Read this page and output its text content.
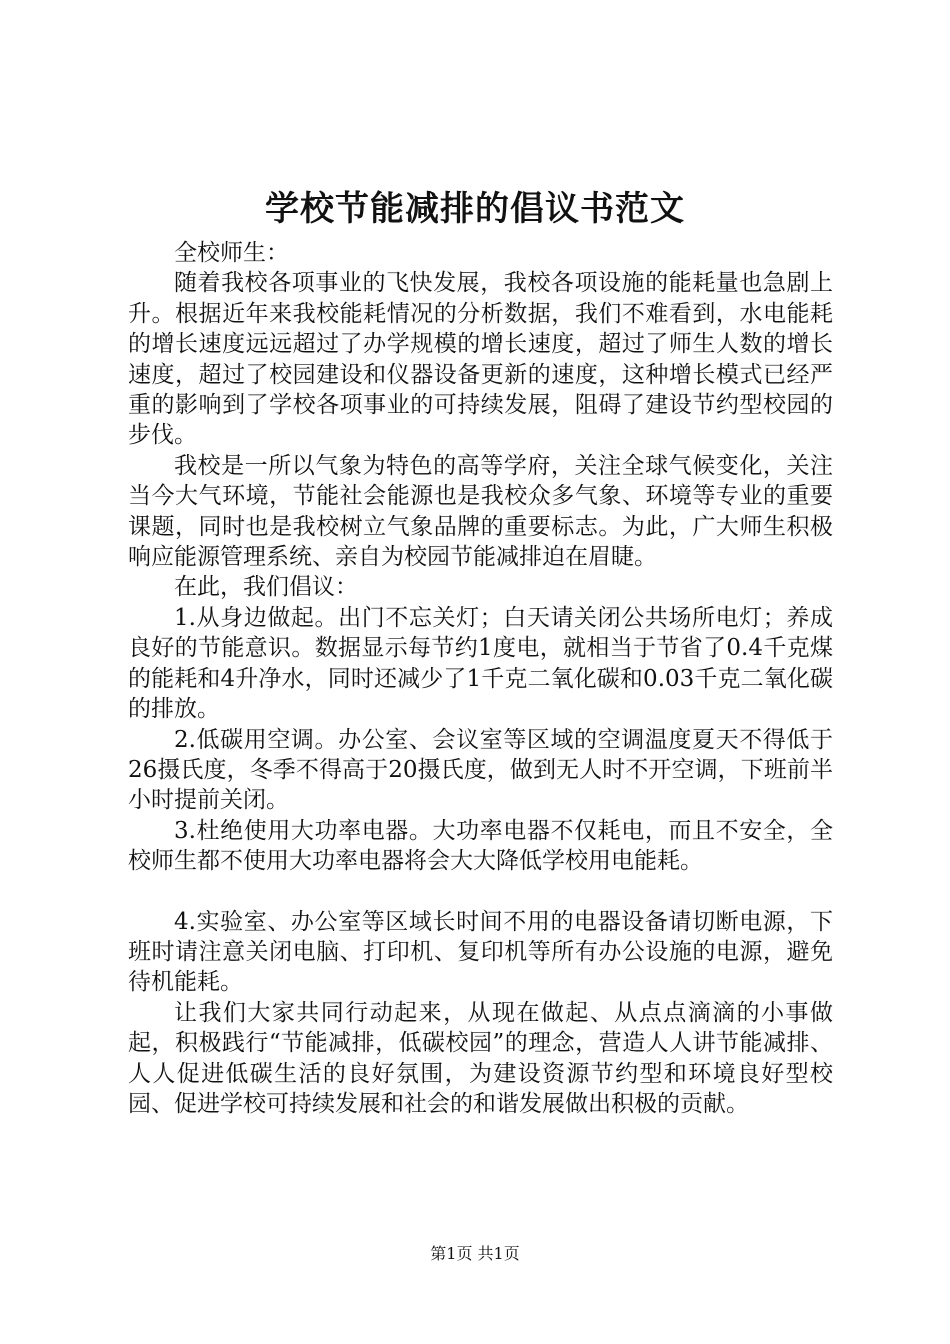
学校节能减排的倡议书范文

全校师生：

随着我校各项事业的飞快发展，我校各项设施的能耗量也急剧上升。根据近年来我校能耗情况的分析数据，我们不难看到，水电能耗的增长速度远远超过了办学规模的增长速度，超过了师生人数的增长速度，超过了校园建设和仪器设备更新的速度，这种增长模式已经严重的影响到了学校各项事业的可持续发展，阻碍了建设节约型校园的步伐。

我校是一所以气象为特色的高等学府，关注全球气候变化，关注当今大气环境，节能社会能源也是我校众多气象、环境等专业的重要课题，同时也是我校树立气象品牌的重要标志。为此，广大师生积极响应能源管理系统、亲自为校园节能减排迫在眉睫。

在此，我们倡议：

1.从身边做起。出门不忘关灯；白天请关闭公共场所电灯；养成良好的节能意识。数据显示每节约1度电，就相当于节省了0.4千克煤的能耗和4升净水，同时还减少了1千克二氧化碳和0.03千克二氧化碳的排放。

2.低碳用空调。办公室、会议室等区域的空调温度夏天不得低于26摄氏度，冬季不得高于20摄氏度，做到无人时不开空调，下班前半小时提前关闭。

3.杜绝使用大功率电器。大功率电器不仅耗电，而且不安全，全校师生都不使用大功率电器将会大大降低学校用电能耗。

4.实验室、办公室等区域长时间不用的电器设备请切断电源，下班时请注意关闭电脑、打印机、复印机等所有办公设施的电源，避免待机能耗。

让我们大家共同行动起来，从现在做起、从点点滴滴的小事做起，积极践行“节能减排，低碳校园”的理念，营造人人讲节能减排、人人促进低碳生活的良好氛围，为建设资源节约型和环境良好型校园、促进学校可持续发展和社会的和谐发展做出积极的贡献。

第1页 共1页
